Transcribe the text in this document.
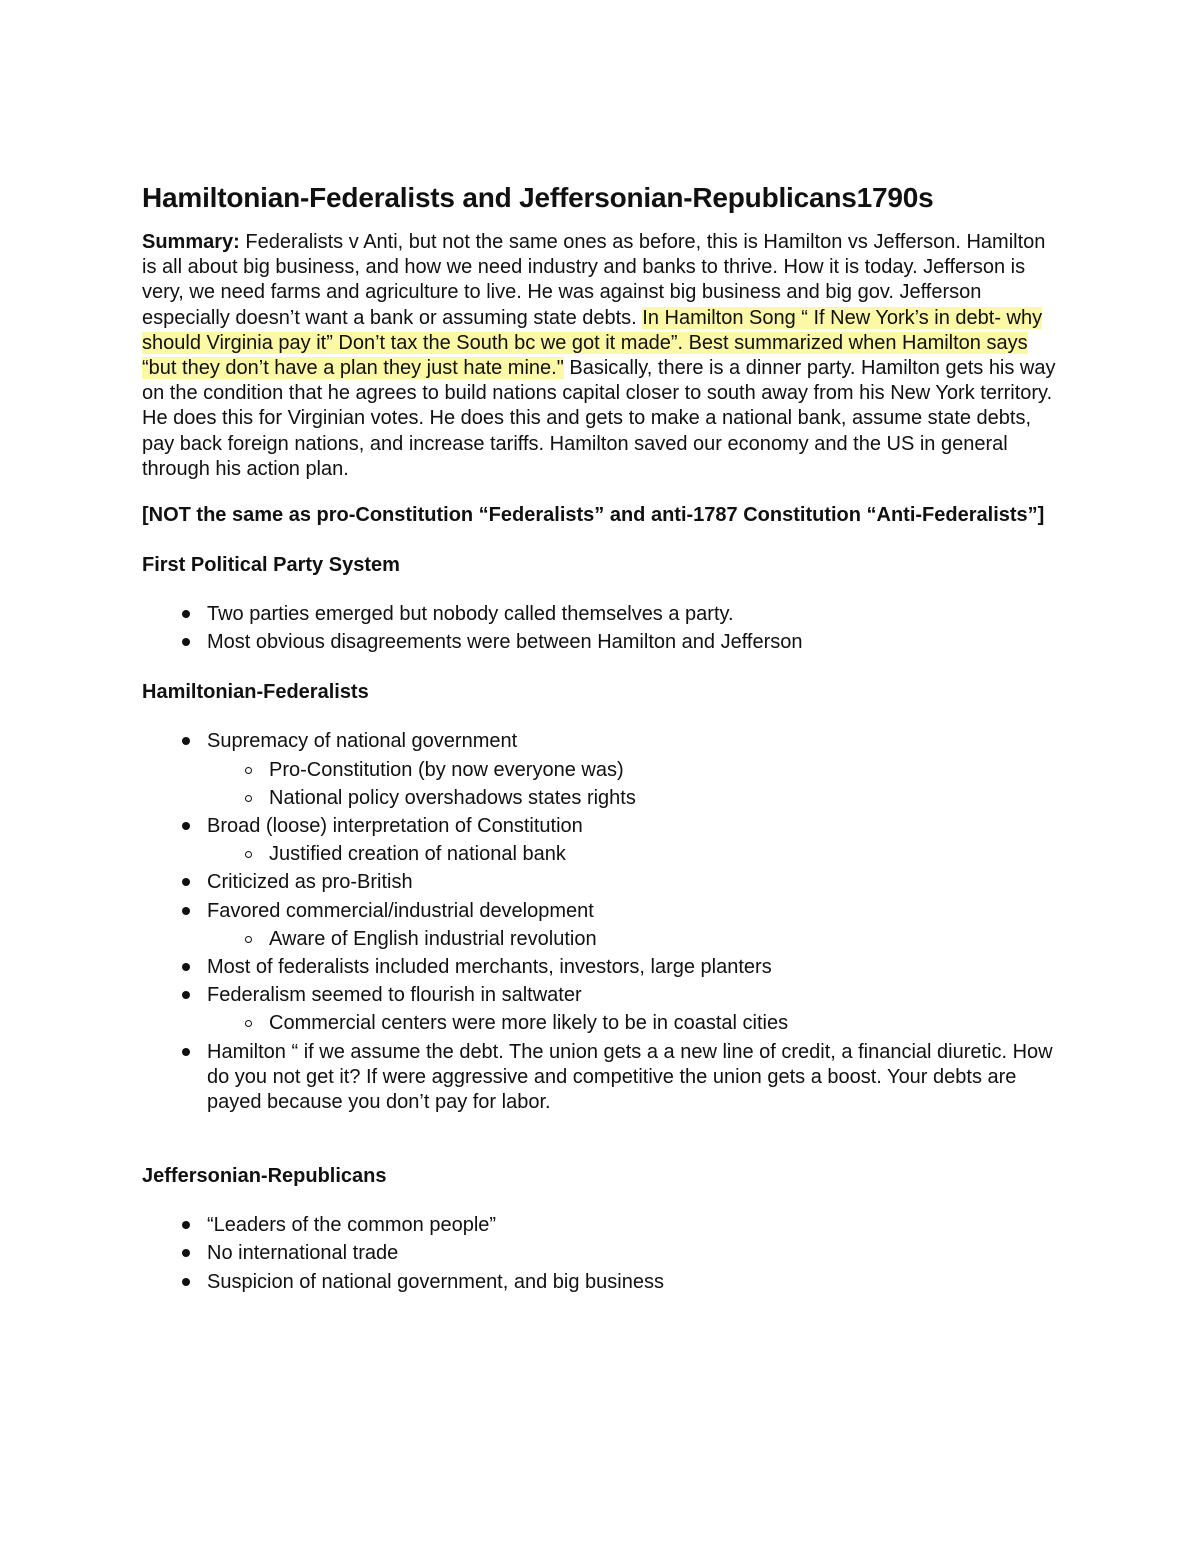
Hamiltonian-Federalists and Jeffersonian-Republicans1790s

Summary: Federalists v Anti, but not the same ones as before, this is Hamilton vs Jefferson. Hamilton is all about big business, and how we need industry and banks to thrive. How it is today. Jefferson is very, we need farms and agriculture to live. He was against big business and big gov. Jefferson especially doesn’t want a bank or assuming state debts. In Hamilton Song “ If New York’s in debt- why should Virginia pay it” Don’t tax the South bc we got it made”. Best summarized when Hamilton says “but they don’t have a plan they just hate mine." Basically, there is a dinner party. Hamilton gets his way on the condition that he agrees to build nations capital closer to south away from his New York territory. He does this for Virginian votes. He does this and gets to make a national bank, assume state debts, pay back foreign nations, and increase tariffs. Hamilton saved our economy and the US in general through his action plan.

[NOT the same as pro-Constitution “Federalists” and anti-1787 Constitution “Anti-Federalists”]

First Political Party System
Two parties emerged but nobody called themselves a party.
Most obvious disagreements were between Hamilton and Jefferson
Hamiltonian-Federalists
Supremacy of national government
Pro-Constitution (by now everyone was)
National policy overshadows states rights
Broad (loose) interpretation of Constitution
Justified creation of national bank
Criticized as pro-British
Favored commercial/industrial development
Aware of English industrial revolution
Most of federalists included merchants, investors, large planters
Federalism seemed to flourish in saltwater
Commercial centers were more likely to be in coastal cities
Hamilton “ if we assume the debt. The union gets a a new line of credit, a financial diuretic. How do you not get it? If were aggressive and competitive the union gets a boost. Your debts are payed because you don’t pay for labor.
Jeffersonian-Republicans
“Leaders of the common people”
No international trade
Suspicion of national government, and big business
